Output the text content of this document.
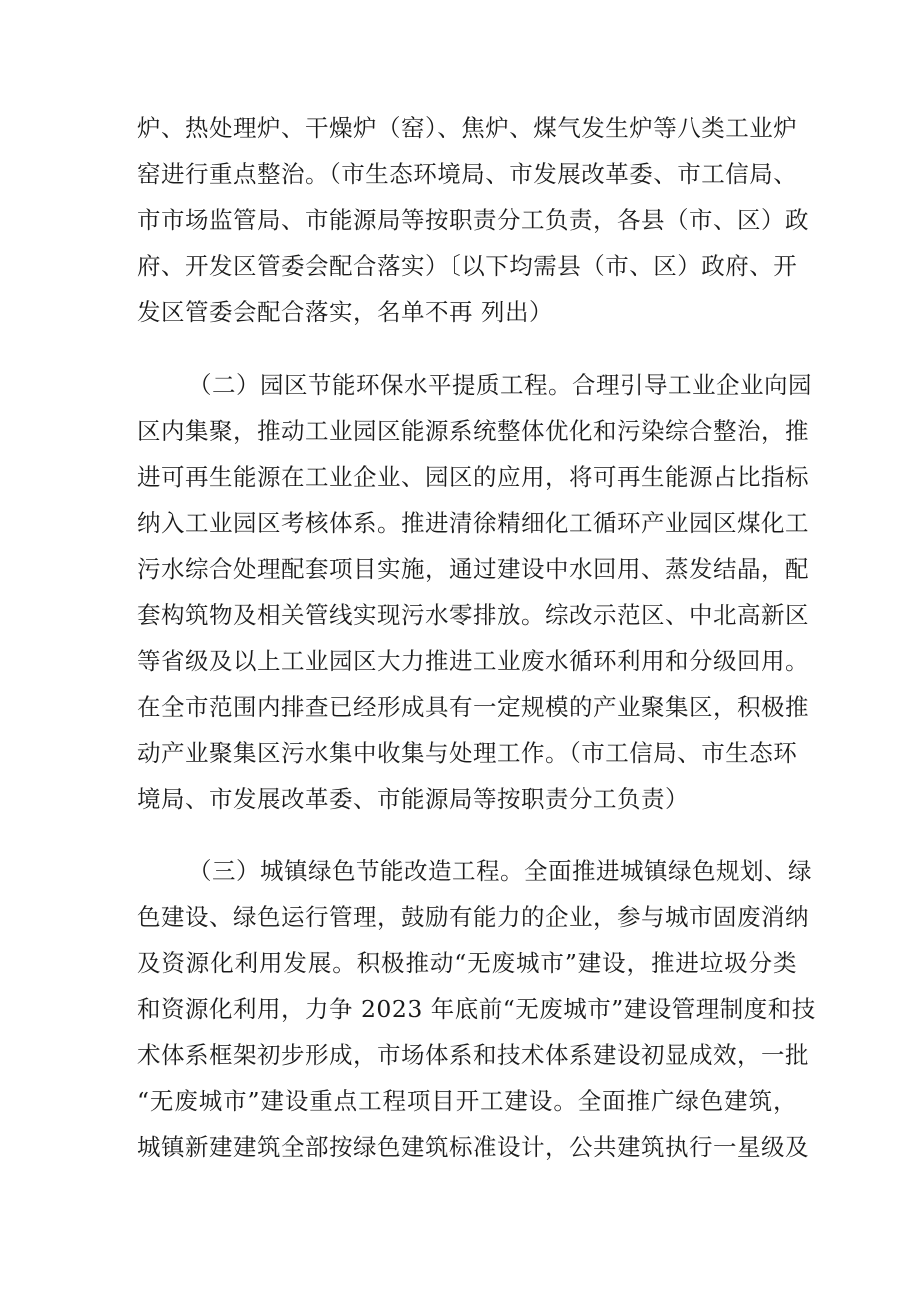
炉、热处理炉、干燥炉（窑）、焦炉、煤气发生炉等八类工业炉
窑进行重点整治。（市生态环境局、市发展改革委、市工信局、
市市场监管局、市能源局等按职责分工负责，各县（市、区）政
府、开发区管委会配合落实）〔以下均需县（市、区）政府、开
发区管委会配合落实，名单不再 列出）
（二）园区节能环保水平提质工程。合理引导工业企业向园
区内集聚，推动工业园区能源系统整体优化和污染综合整治，推
进可再生能源在工业企业、园区的应用，将可再生能源占比指标
纳入工业园区考核体系。推进清徐精细化工循环产业园区煤化工
污水综合处理配套项目实施，通过建设中水回用、蒸发结晶，配
套构筑物及相关管线实现污水零排放。综改示范区、中北高新区
等省级及以上工业园区大力推进工业废水循环利用和分级回用。
在全市范围内排查已经形成具有一定规模的产业聚集区，积极推
动产业聚集区污水集中收集与处理工作。（市工信局、市生态环
境局、市发展改革委、市能源局等按职责分工负责）
（三）城镇绿色节能改造工程。全面推进城镇绿色规划、绿
色建设、绿色运行管理，鼓励有能力的企业，参与城市固废消纳
及资源化利用发展。积极推动“无废城市”建设，推进垃圾分类
和资源化利用，力争 2023 年底前“无废城市”建设管理制度和技
术体系框架初步形成，市场体系和技术体系建设初显成效，一批
“无废城市”建设重点工程项目开工建设。全面推广绿色建筑，
城镇新建建筑全部按绿色建筑标准设计，公共建筑执行一星级及
